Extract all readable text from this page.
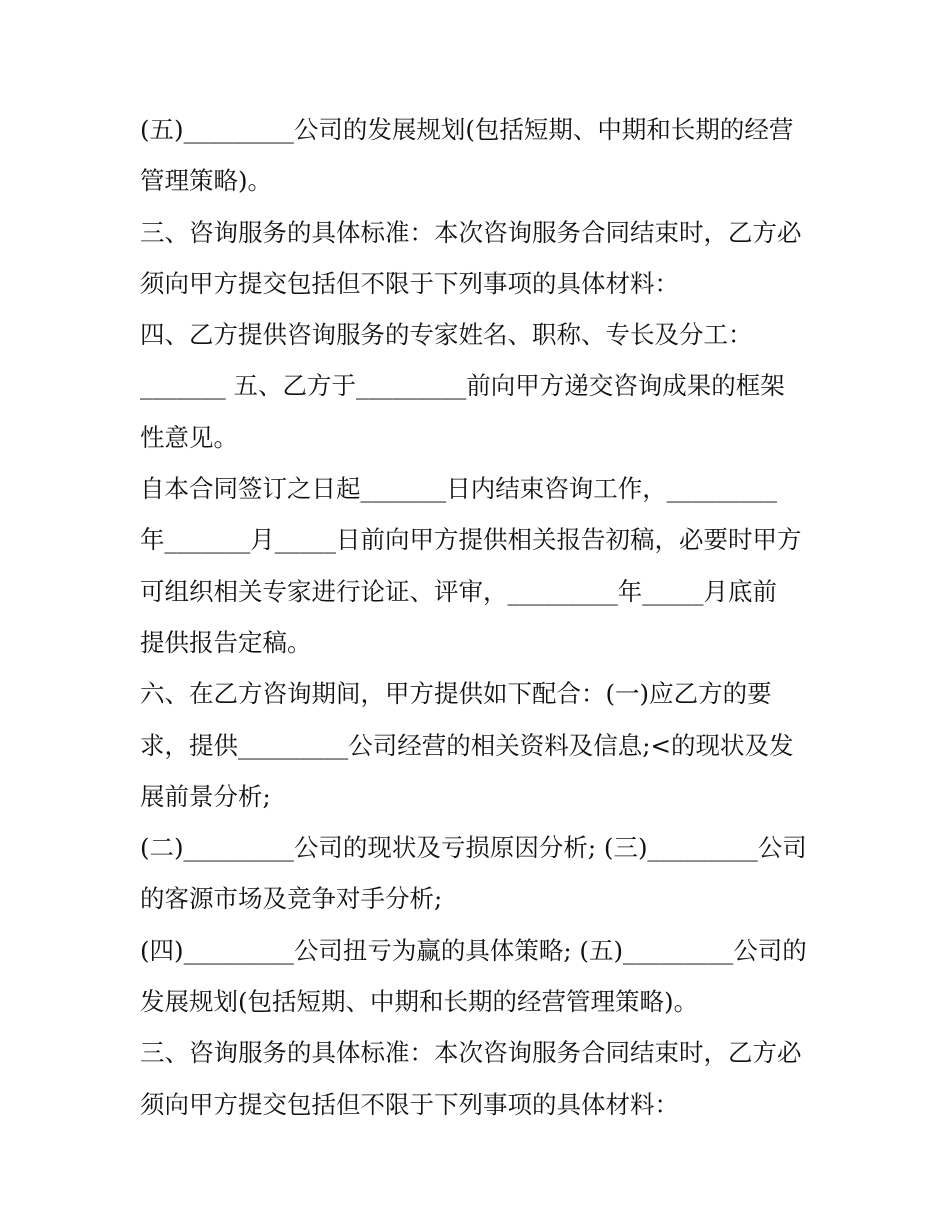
(五)_________公司的发展规划(包括短期、中期和长期的经营
管理策略)。
三、咨询服务的具体标准：本次咨询服务合同结束时，乙方必
须向甲方提交包括但不限于下列事项的具体材料：
四、乙方提供咨询服务的专家姓名、职称、专长及分工：
_______ 五、乙方于_________前向甲方递交咨询成果的框架
性意见。
自本合同签订之日起_______日内结束咨询工作，_________
年_______月_____日前向甲方提供相关报告初稿，必要时甲方
可组织相关专家进行论证、评审，_________年_____月底前
提供报告定稿。
六、在乙方咨询期间，甲方提供如下配合：(一)应乙方的要
求，提供_________公司经营的相关资料及信息;<的现状及发
展前景分析;
(二)_________公司的现状及亏损原因分析; (三)_________公司
的客源市场及竞争对手分析;
(四)_________公司扭亏为赢的具体策略; (五)_________公司的
发展规划(包括短期、中期和长期的经营管理策略)。
三、咨询服务的具体标准：本次咨询服务合同结束时，乙方必
须向甲方提交包括但不限于下列事项的具体材料：
